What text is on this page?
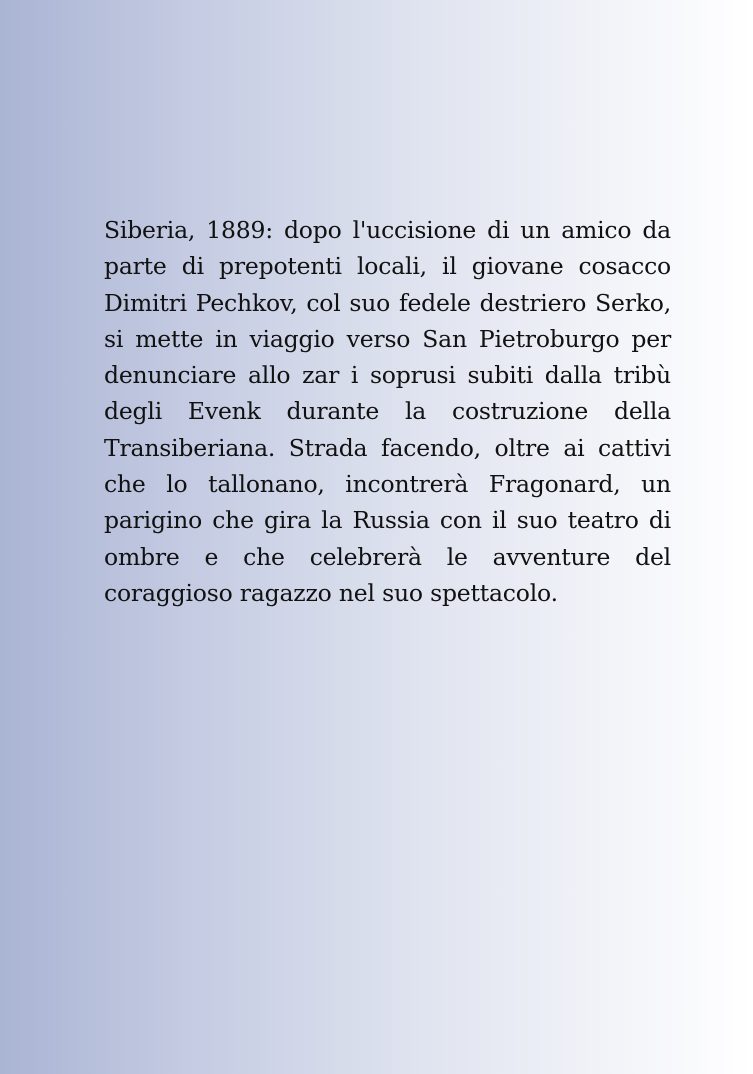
Siberia, 1889: dopo l'uccisione di un amico da parte di prepotenti locali, il giovane cosacco Dimitri Pechkov, col suo fedele destriero Serko, si mette in viaggio verso San Pietroburgo per denunciare allo zar i soprusi subiti dalla tribù degli Evenk durante la costruzione della Transiberiana. Strada facendo, oltre ai cattivi che lo tallonano, incontrerà Fragonard, un parigino che gira la Russia con il suo teatro di ombre e che celebrerà le avventure del coraggioso ragazzo nel suo spettacolo.
